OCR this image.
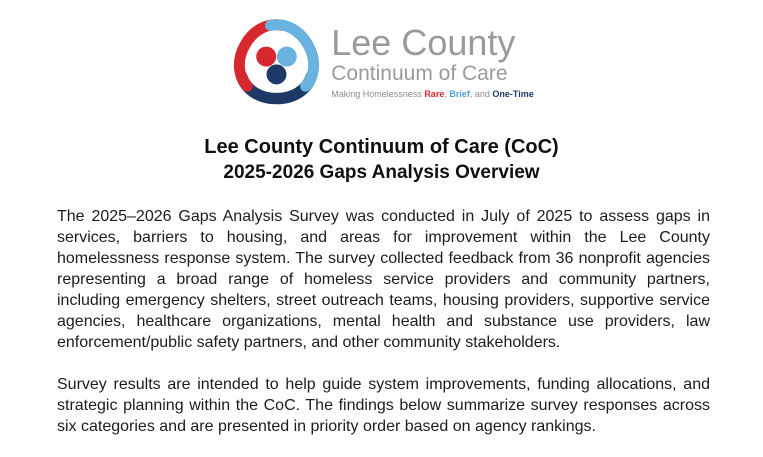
Lee County
Continuum of Care
Making Homelessness Rare, Brief, and One-Time
Lee County Continuum of Care (CoC)
2025-2026 Gaps Analysis Overview

The 2025–2026 Gaps Analysis Survey was conducted in July of 2025 to assess gaps in services, barriers to housing, and areas for improvement within the Lee County homelessness response system. The survey collected feedback from 36 nonprofit agencies representing a broad range of homeless service providers and community partners, including emergency shelters, street outreach teams, housing providers, supportive service agencies, healthcare organizations, mental health and substance use providers, law enforcement/public safety partners, and other community stakeholders.

Survey results are intended to help guide system improvements, funding allocations, and strategic planning within the CoC. The findings below summarize survey responses across six categories and are presented in priority order based on agency rankings.
